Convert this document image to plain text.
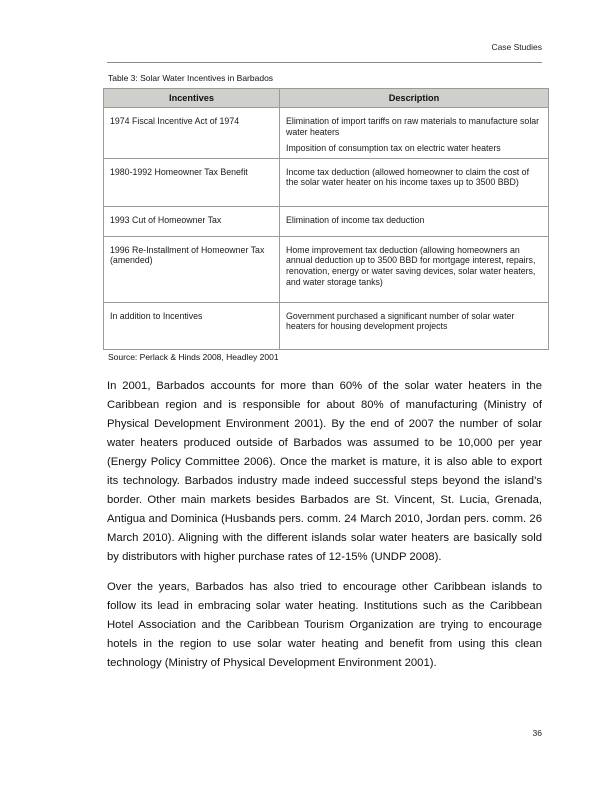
Case Studies
Table 3: Solar Water Incentives in Barbados
Incentives	Description
1974 Fiscal Incentive Act of 1974	Elimination of import tariffs on raw materials to manufacture solar water heaters
Imposition of consumption tax on electric water heaters

1980-1992 Homeowner Tax Benefit	Income tax deduction (allowed homeowner to claim the cost of the solar water heater on his income taxes up to 3500 BBD)

1993 Cut of Homeowner Tax	Elimination of income tax deduction

1996 Re-Installment of Homeowner Tax (amended)	Home improvement tax deduction (allowing homeowners an annual deduction up to 3500 BBD for mortgage interest, repairs, renovation, energy or water saving devices, solar water heaters, and water storage tanks)

In addition to Incentives	Government purchased a significant number of solar water heaters for housing development projects
Source: Perlack & Hinds 2008, Headley 2001

In 2001, Barbados accounts for more than 60% of the solar water heaters in the Caribbean region and is responsible for about 80% of manufacturing (Ministry of Physical Development Environment 2001). By the end of 2007 the number of solar water heaters produced outside of Barbados was assumed to be 10,000 per year (Energy Policy Committee 2006). Once the market is mature, it is also able to export its technology. Barbados industry made indeed successful steps beyond the island’s border. Other main markets besides Barbados are St. Vincent, St. Lucia, Grenada, Antigua and Dominica (Husbands pers. comm. 24 March 2010, Jordan pers. comm. 26 March 2010). Aligning with the different islands solar water heaters are basically sold by distributors with higher purchase rates of 12-15% (UNDP 2008).

Over the years, Barbados has also tried to encourage other Caribbean islands to follow its lead in embracing solar water heating. Institutions such as the Caribbean Hotel Association and the Caribbean Tourism Organization are trying to encourage hotels in the region to use solar water heating and benefit from using this clean technology (Ministry of Physical Development Environment 2001).

36
